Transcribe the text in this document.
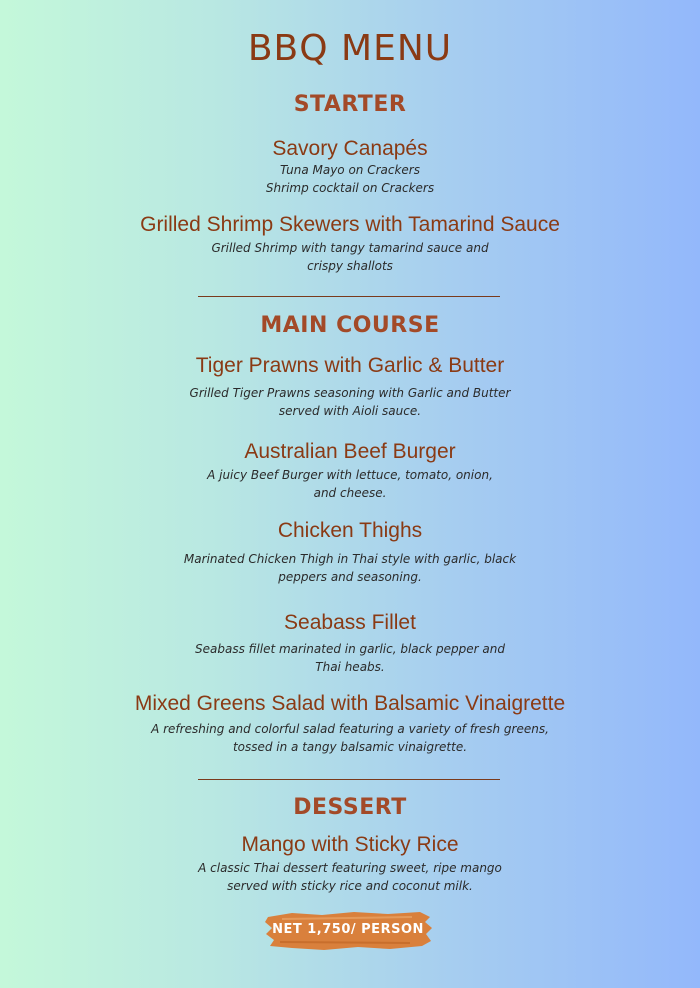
BBQ MENU
STARTER
Savory Canapés
Tuna Mayo on Crackers
Shrimp cocktail on Crackers
Grilled Shrimp Skewers with Tamarind Sauce
Grilled Shrimp with tangy tamarind sauce and
crispy shallots
MAIN COURSE
Tiger Prawns with Garlic & Butter
Grilled Tiger Prawns seasoning with Garlic and Butter
served with Aioli sauce.
Australian Beef Burger
A juicy Beef Burger with lettuce, tomato, onion,
and cheese.
Chicken Thighs
Marinated Chicken Thigh in Thai style with garlic, black
peppers and seasoning.
Seabass Fillet
Seabass fillet marinated in garlic, black pepper and
Thai heabs.
Mixed Greens Salad with Balsamic Vinaigrette
A refreshing and colorful salad featuring a variety of fresh greens,
tossed in a tangy balsamic vinaigrette.
DESSERT
Mango with Sticky Rice
A classic Thai dessert featuring sweet, ripe mango
served with sticky rice and coconut milk.
NET 1,750/ PERSON
